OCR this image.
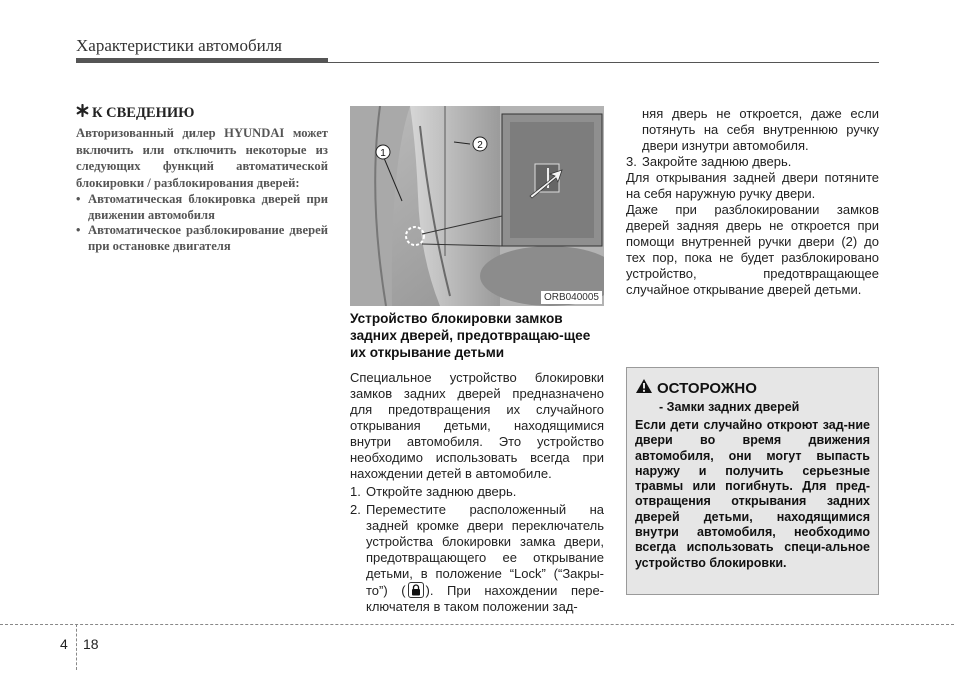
Характеристики автомобиля
К СВЕДЕНИЮ
Авторизованный дилер HYUNDAI может включить или отключить некоторые из следующих функций автоматической блокировки / разблокирования дверей:
• Автоматическая блокировка дверей при движении автомобиля
• Автоматическое разблокирование дверей при остановке двигателя
1
2
ORB040005
Устройство блокировки замков задних дверей, предотвращаю-щее их открывание детьми

Специальное устройство блокировки замков задних дверей предназначено для предотвращения их случайного открывания детьми, находящимися внутри автомобиля. Это устройство необходимо использовать всегда при нахождении детей в автомобиле.

1. Откройте заднюю дверь.
2. Переместите расположенный на задней кромке двери переключатель устройства блокировки замка двери, предотвращающего ее открывание детьми, в положение “Lock” (“Закры-то”) ( ). При нахождении пере-ключателя в таком положении зад-

няя дверь не откроется, даже если потянуть на себя внутреннюю ручку двери изнутри автомобиля.

3. Закройте заднюю дверь.

Для открывания задней двери потяните на себя наружную ручку двери.

Даже при разблокировании замков дверей задняя дверь не откроется при помощи внутренней ручки двери (2) до тех пор, пока не будет разблокировано устройство, предотвращающее случайное открывание дверей детьми.

ОСТОРОЖНО
- Замки задних дверей
Если дети случайно откроют зад-ние двери во время движения автомобиля, они могут выпасть наружу и получить серьезные травмы или погибнуть. Для пред-отвращения открывания задних дверей детьми, находящимися внутри автомобиля, необходимо всегда использовать специ-альное устройство блокировки.
4 18
